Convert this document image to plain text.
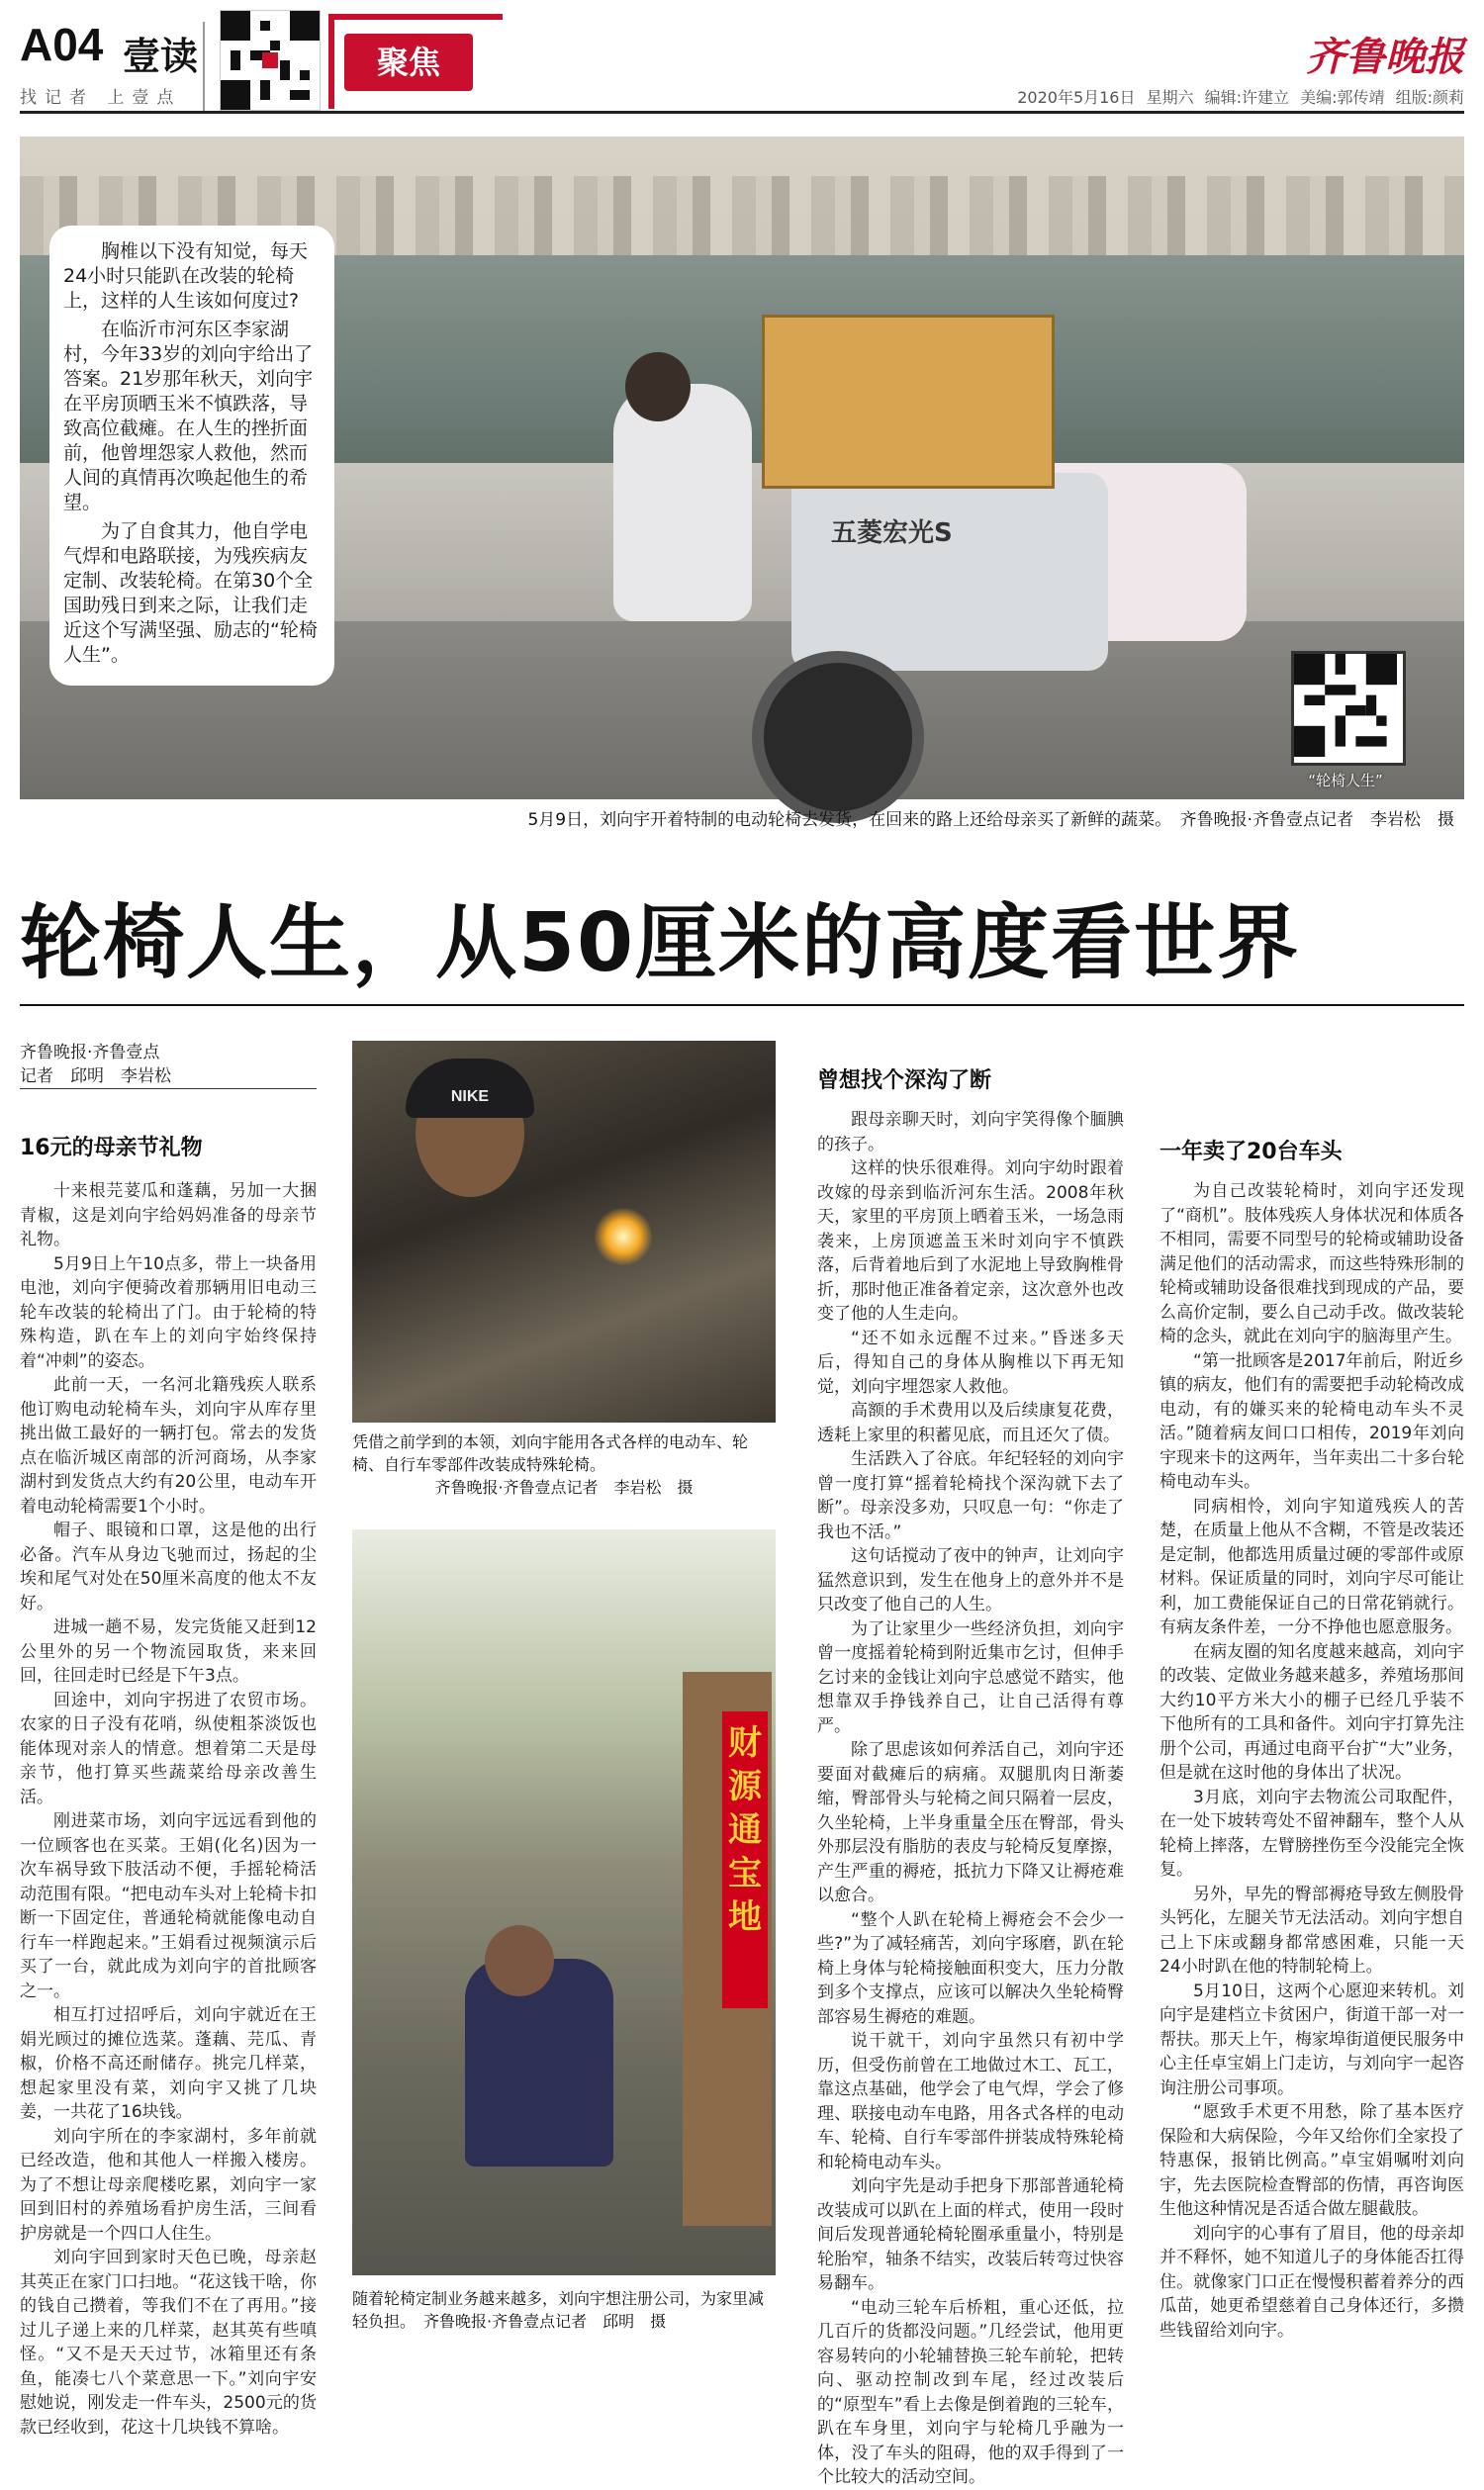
A04 壹读
找记者 上壹点
聚焦	齐鲁晚报
2020年5月16日 星期六 编辑:许建立 美编:郭传靖 组版:颜莉
五菱宏光S
“轮椅人生”

胸椎以下没有知觉，每天24小时只能趴在改装的轮椅上，这样的人生该如何度过?

在临沂市河东区李家湖村，今年33岁的刘向宇给出了答案。21岁那年秋天，刘向宇在平房顶晒玉米不慎跌落，导致高位截瘫。在人生的挫折面前，他曾埋怨家人救他，然而人间的真情再次唤起他生的希望。

为了自食其力，他自学电气焊和电路联接，为残疾病友定制、改装轮椅。在第30个全国助残日到来之际，让我们走近这个写满坚强、励志的“轮椅人生”。

5月9日，刘向宇开着特制的电动轮椅去发货，在回来的路上还给母亲买了新鲜的蔬菜。　齐鲁晚报·齐鲁壹点记者　李岩松　摄
轮椅人生，从50厘米的高度看世界
齐鲁晚报·齐鲁壹点
记者　邱明　李岩松
16元的母亲节礼物

十来根芫荽瓜和蓬藕，另加一大捆青椒，这是刘向宇给妈妈准备的母亲节礼物。

5月9日上午10点多，带上一块备用电池，刘向宇便骑改着那辆用旧电动三轮车改装的轮椅出了门。由于轮椅的特殊构造，趴在车上的刘向宇始终保持着“冲刺”的姿态。

此前一天，一名河北籍残疾人联系他订购电动轮椅车头，刘向宇从库存里挑出做工最好的一辆打包。常去的发货点在临沂城区南部的沂河商场，从李家湖村到发货点大约有20公里，电动车开着电动轮椅需要1个小时。

帽子、眼镜和口罩，这是他的出行必备。汽车从身边飞驰而过，扬起的尘埃和尾气对处在50厘米高度的他太不友好。

进城一趟不易，发完货能又赶到12公里外的另一个物流园取货，来来回回，往回走时已经是下午3点。

回途中，刘向宇拐进了农贸市场。农家的日子没有花哨，纵使粗茶淡饭也能体现对亲人的情意。想着第二天是母亲节，他打算买些蔬菜给母亲改善生活。

刚进菜市场，刘向宇远远看到他的一位顾客也在买菜。王娟(化名)因为一次车祸导致下肢活动不便，手摇轮椅活动范围有限。“把电动车头对上轮椅卡扣断一下固定住，普通轮椅就能像电动自行车一样跑起来。”王娟看过视频演示后买了一台，就此成为刘向宇的首批顾客之一。

相互打过招呼后，刘向宇就近在王娟光顾过的摊位选菜。蓬藕、芫瓜、青椒，价格不高还耐储存。挑完几样菜，想起家里没有菜，刘向宇又挑了几块姜，一共花了16块钱。

刘向宇所在的李家湖村，多年前就已经改造，他和其他人一样搬入楼房。为了不想让母亲爬楼吃累，刘向宇一家回到旧村的养殖场看护房生活，三间看护房就是一个四口人住生。

刘向宇回到家时天色已晚，母亲赵其英正在家门口扫地。“花这钱干啥，你的钱自己攒着，等我们不在了再用。”接过儿子递上来的几样菜，赵其英有些嗔怪。“又不是天天过节，冰箱里还有条鱼，能凑七八个菜意思一下。”刘向宇安慰她说，刚发走一件车头，2500元的货款已经收到，花这十几块钱不算啥。

NIKE
凭借之前学到的本领，刘向宇能用各式各样的电动车、轮椅、自行车零部件改装成特殊轮椅。
齐鲁晚报·齐鲁壹点记者　李岩松　摄
财源通宝地
随着轮椅定制业务越来越多，刘向宇想注册公司，为家里减轻负担。　齐鲁晚报·齐鲁壹点记者　邱明　摄
曾想找个深沟了断

跟母亲聊天时，刘向宇笑得像个腼腆的孩子。

这样的快乐很难得。刘向宇幼时跟着改嫁的母亲到临沂河东生活。2008年秋天，家里的平房顶上晒着玉米，一场急雨袭来，上房顶遮盖玉米时刘向宇不慎跌落，后背着地后到了水泥地上导致胸椎骨折，那时他正准备着定亲，这次意外也改变了他的人生走向。

“还不如永远醒不过来。”昏迷多天后，得知自己的身体从胸椎以下再无知觉，刘向宇埋怨家人救他。

高额的手术费用以及后续康复花费，透耗上家里的积蓄见底，而且还欠了债。

生活跌入了谷底。年纪轻轻的刘向宇曾一度打算“摇着轮椅找个深沟就下去了断”。母亲没多劝，只叹息一句：“你走了我也不活。”

这句话搅动了夜中的钟声，让刘向宇猛然意识到，发生在他身上的意外并不是只改变了他自己的人生。

为了让家里少一些经济负担，刘向宇曾一度摇着轮椅到附近集市乞讨，但伸手乞讨来的金钱让刘向宇总感觉不踏实，他想靠双手挣钱养自己，让自己活得有尊严。

除了思虑该如何养活自己，刘向宇还要面对截瘫后的病痛。双腿肌肉日渐萎缩，臀部骨头与轮椅之间只隔着一层皮，久坐轮椅，上半身重量全压在臀部，骨头外那层没有脂肪的表皮与轮椅反复摩擦，产生严重的褥疮，抵抗力下降又让褥疮难以愈合。

“整个人趴在轮椅上褥疮会不会少一些?”为了减轻痛苦，刘向宇琢磨，趴在轮椅上身体与轮椅接触面积变大，压力分散到多个支撑点，应该可以解决久坐轮椅臀部容易生褥疮的难题。

说干就干，刘向宇虽然只有初中学历，但受伤前曾在工地做过木工、瓦工，靠这点基础，他学会了电气焊，学会了修理、联接电动车电路，用各式各样的电动车、轮椅、自行车零部件拼装成特殊轮椅和轮椅电动车头。

刘向宇先是动手把身下那部普通轮椅改装成可以趴在上面的样式，使用一段时间后发现普通轮椅轮圈承重量小，特别是轮胎窄，轴条不结实，改装后转弯过快容易翻车。

“电动三轮车后桥粗，重心还低，拉几百斤的货都没问题。”几经尝试，他用更容易转向的小轮辅替换三轮车前轮，把转向、驱动控制改到车尾，经过改装后的“原型车”看上去像是倒着跑的三轮车，趴在车身里，刘向宇与轮椅几乎融为一体，没了车头的阻碍，他的双手得到了一个比较大的活动空间。

一年卖了20台车头

为自己改装轮椅时，刘向宇还发现了“商机”。肢体残疾人身体状况和体质各不相同，需要不同型号的轮椅或辅助设备满足他们的活动需求，而这些特殊形制的轮椅或辅助设备很难找到现成的产品，要么高价定制，要么自己动手改。做改装轮椅的念头，就此在刘向宇的脑海里产生。

“第一批顾客是2017年前后，附近乡镇的病友，他们有的需要把手动轮椅改成电动，有的嫌买来的轮椅电动车头不灵活。”随着病友间口口相传，2019年刘向宇现来卡的这两年，当年卖出二十多台轮椅电动车头。

同病相怜，刘向宇知道残疾人的苦楚，在质量上他从不含糊，不管是改装还是定制，他都选用质量过硬的零部件或原材料。保证质量的同时，刘向宇尽可能让利，加工费能保证自己的日常花销就行。有病友条件差，一分不挣他也愿意服务。

在病友圈的知名度越来越高，刘向宇的改装、定做业务越来越多，养殖场那间大约10平方米大小的棚子已经几乎装不下他所有的工具和备件。刘向宇打算先注册个公司，再通过电商平台扩“大”业务，但是就在这时他的身体出了状况。

3月底，刘向宇去物流公司取配件，在一处下坡转弯处不留神翻车，整个人从轮椅上摔落，左臂膀挫伤至今没能完全恢复。

另外，早先的臀部褥疮导致左侧股骨头钙化，左腿关节无法活动。刘向宇想自己上下床或翻身都常感困难，只能一天24小时趴在他的特制轮椅上。

5月10日，这两个心愿迎来转机。刘向宇是建档立卡贫困户，街道干部一对一帮扶。那天上午，梅家埠街道便民服务中心主任卓宝娟上门走访，与刘向宇一起咨询注册公司事项。

“愿致手术更不用愁，除了基本医疗保险和大病保险，今年又给你们全家投了特惠保，报销比例高。”卓宝娟嘱咐刘向宇，先去医院检查臀部的伤情，再咨询医生他这种情况是否适合做左腿截肢。

刘向宇的心事有了眉目，他的母亲却并不释怀，她不知道儿子的身体能否扛得住。就像家门口正在慢慢积蓄着养分的西瓜苗，她更希望慈着自己身体还行，多攒些钱留给刘向宇。
